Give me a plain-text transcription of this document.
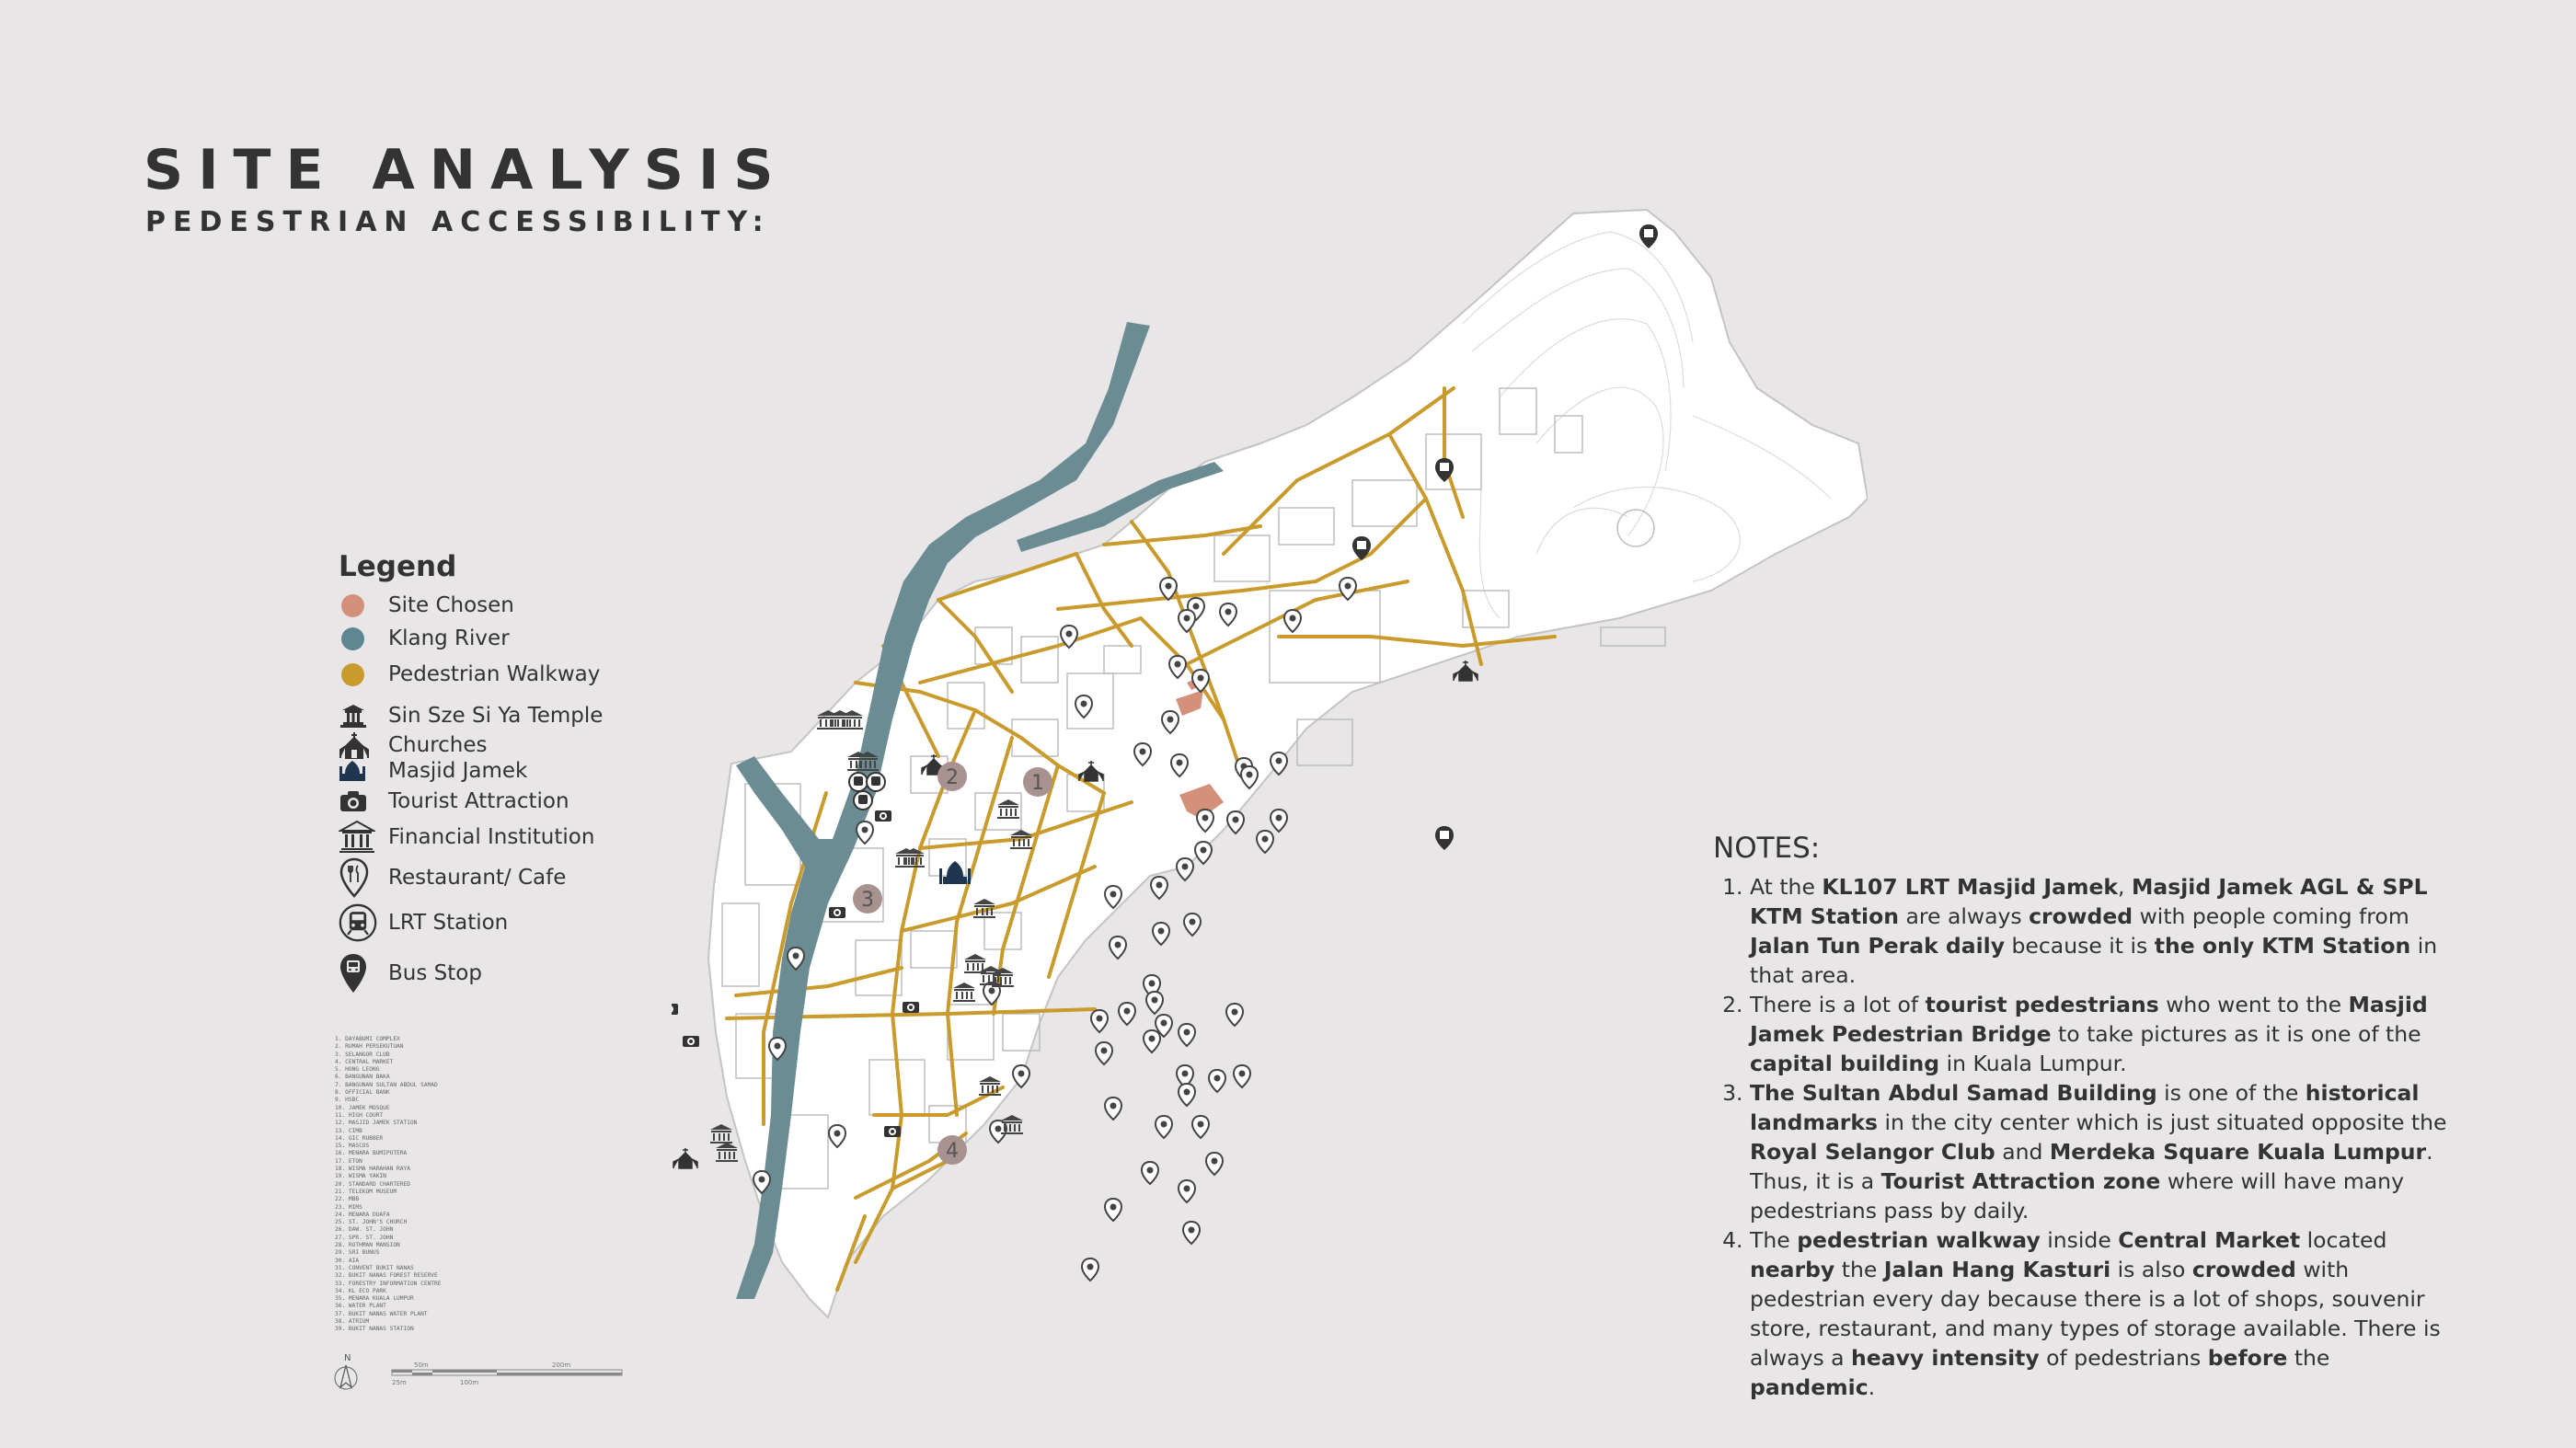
SITE ANALYSIS
PEDESTRIAN ACCESSIBILITY:
Legend
Site Chosen
Klang River
Pedestrian Walkway
Sin Sze Si Ya Temple
Churches
Masjid Jamek
Tourist Attraction
Financial Institution
Restaurant/ Cafe
LRT Station
Bus Stop
1. DAYABUMI COMPLEX
2. RUMAH PERSEKUTUAN
3. SELANGOR CLUB
4. CENTRAL MARKET
5. HONG LEONG
6. BANGUNAN BAKA
7. BANGUNAN SULTAN ABDUL SAMAD
8. OFFICIAL BANK
9. HSBC
10. JAMEK MOSQUE
11. HIGH COURT
12. MASJID JAMEK STATION
13. CIMB
14. GIC RUBBER
15. MASCOS
16. MENARA BUMIPUTERA
17. ETON
18. WISMA HARAHAN RAYA
19. WISMA YAKIN
20. STANDARD CHARTERED
21. TELEKOM MUSEUM
22. MBB
23. MIMS
24. MENARA DUAFA
25. ST. JOHN'S CHURCH
26. DAW. ST. JOHN
27. SPR. ST. JOHN
28. ROTHMAN MANSION
29. SRI BUNUS
30. AIA
31. CONVENT BUKIT NANAS
32. BUKIT NANAS FOREST RESERVE
33. FORESTRY INFORMATION CENTRE
34. KL ECO PARK
35. MENARA KUALA LUMPUR
36. WATER PLANT
37. BUKIT NANAS WATER PLANT
38. ATRIUM
39. BUKIT NANAS STATION
N
50m	200m
25m	100m
1
2
3
4
NOTES:
1. At the KL107 LRT Masjid Jamek, Masjid Jamek AGL & SPL KTM Station are always crowded with people coming from Jalan Tun Perak daily because it is the only KTM Station in that area.
2. There is a lot of tourist pedestrians who went to the Masjid Jamek Pedestrian Bridge to take pictures as it is one of the capital building in Kuala Lumpur.
3. The Sultan Abdul Samad Building is one of the historical landmarks in the city center which is just situated opposite the Royal Selangor Club and Merdeka Square Kuala Lumpur. Thus, it is a Tourist Attraction zone where will have many pedestrians pass by daily.
4. The pedestrian walkway inside Central Market located nearby the Jalan Hang Kasturi is also crowded with pedestrian every day because there is a lot of shops, souvenir store, restaurant, and many types of storage available. There is always a heavy intensity of pedestrians before the pandemic.
